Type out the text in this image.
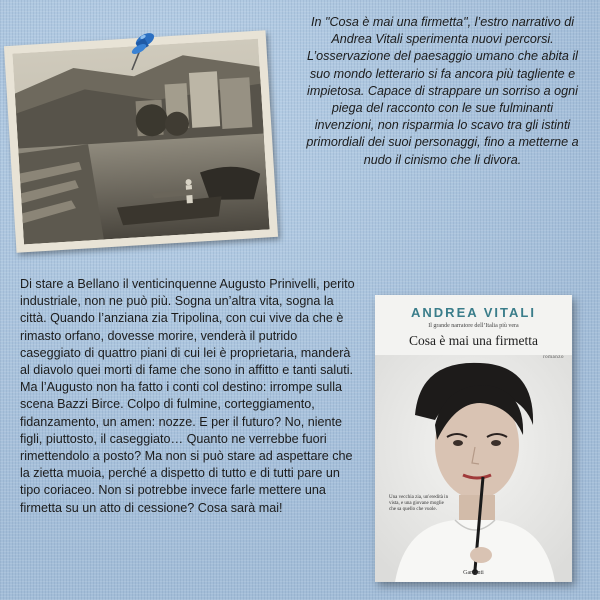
In "Cosa è mai una firmetta", l’estro narrativo di Andrea Vitali sperimenta nuovi percorsi. L’osservazione del paesaggio umano che abita il suo mondo letterario si fa ancora più tagliente e impietosa. Capace di strappare un sorriso a ogni piega del racconto con le sue fulminanti invenzioni, non risparmia lo scavo tra gli istinti primordiali dei suoi personaggi, fino a metterne a nudo il cinismo che li divora.
Di stare a Bellano il venticinquenne Augusto Prinivelli, perito industriale, non ne può più. Sogna un’altra vita, sogna la città. Quando l’anziana zia Tripolina, con cui vive da che è rimasto orfano, dovesse morire, venderà il putrido caseggiato di quattro piani di cui lei è proprietaria, manderà al diavolo quei morti di fame che sono in affitto e tanti saluti. Ma l’Augusto non ha fatto i conti col destino: irrompe sulla scena Bazzi Birce. Colpo di fulmine, corteggiamento, fidanzamento, un amen: nozze. E per il futuro? No, niente figli, piuttosto, il caseggiato… Quanto ne verrebbe fuori rimettendolo a posto? Ma non si può stare ad aspettare che la zietta muoia, perché a dispetto di tutto e di tutti pare un tipo coriaceo. Non si potrebbe invece farle mettere una firmetta su un atto di cessione? Cosa sarà mai!
ANDREA VITALI
Il grande narratore dell’Italia più vera
Cosa è mai una firmetta
romanzo
Una vecchia zia, un'eredità in vista, e una giovane moglie che sa quello che vuole.
Garzanti
